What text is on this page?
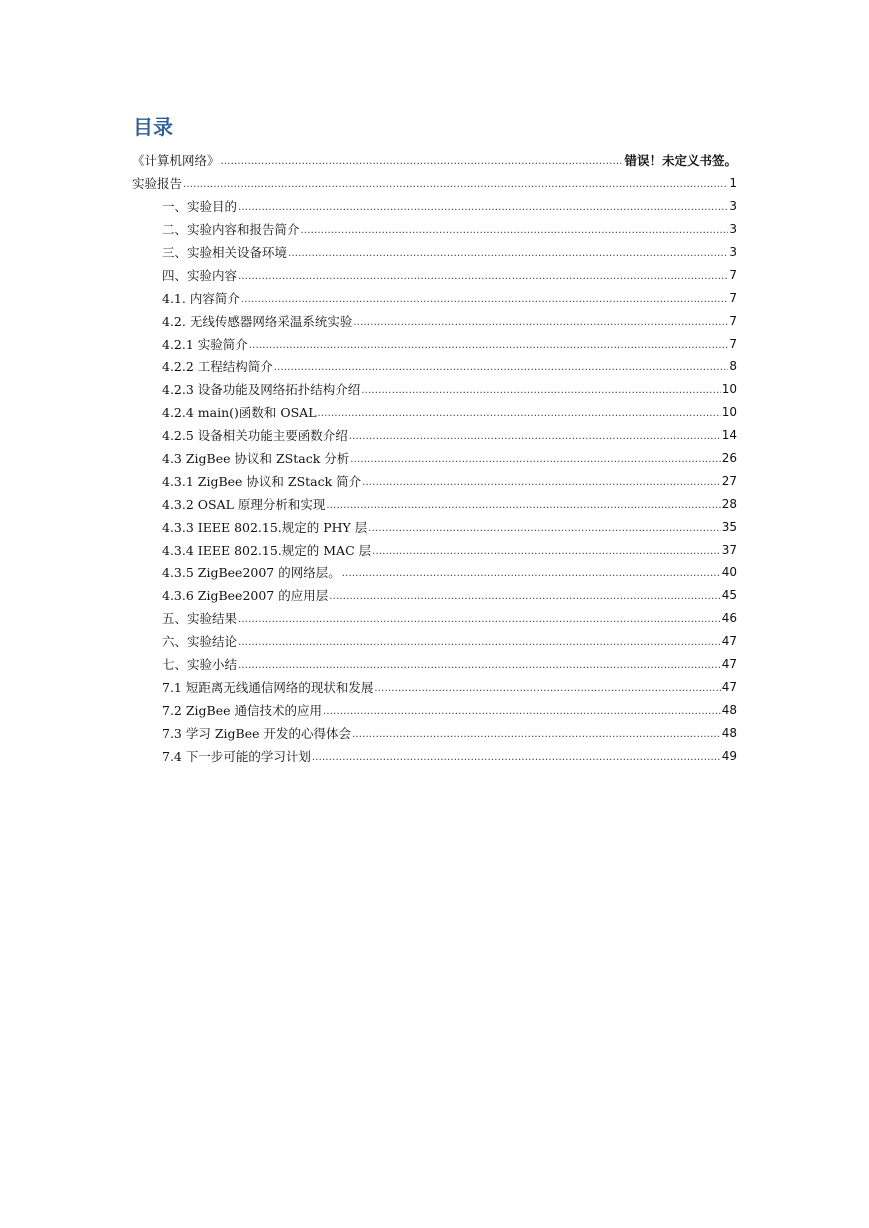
目录
《计算机网络》 .....	错误！未定义书签。
实验报告 .....	1
一、实验目的 .....	3
二、实验内容和报告简介 .....	3
三、实验相关设备环境 .....	3
四、实验内容 .....	7
4.1. 内容简介 .....	7
4.2. 无线传感器网络采温系统实验 .....	7
4.2.1 实验简介 .....	7
4.2.2 工程结构简介 .....	8
4.2.3 设备功能及网络拓扑结构介绍 .....	10
4.2.4 main()函数和 OSAL .....	10
4.2.5 设备相关功能主要函数介绍 .....	14
4.3 ZigBee 协议和 ZStack 分析 .....	26
4.3.1 ZigBee 协议和 ZStack 简介 .....	27
4.3.2 OSAL 原理分析和实现 .....	28
4.3.3 IEEE 802.15.规定的 PHY 层 .....	35
4.3.4 IEEE 802.15.规定的 MAC 层 .....	37
4.3.5 ZigBee2007 的网络层。 .....	40
4.3.6 ZigBee2007 的应用层 .....	45
五、实验结果 .....	46
六、实验结论 .....	47
七、实验小结 .....	47
7.1 短距离无线通信网络的现状和发展 .....	47
7.2 ZigBee 通信技术的应用 .....	48
7.3 学习 ZigBee 开发的心得体会 .....	48
7.4 下一步可能的学习计划 .....	49
